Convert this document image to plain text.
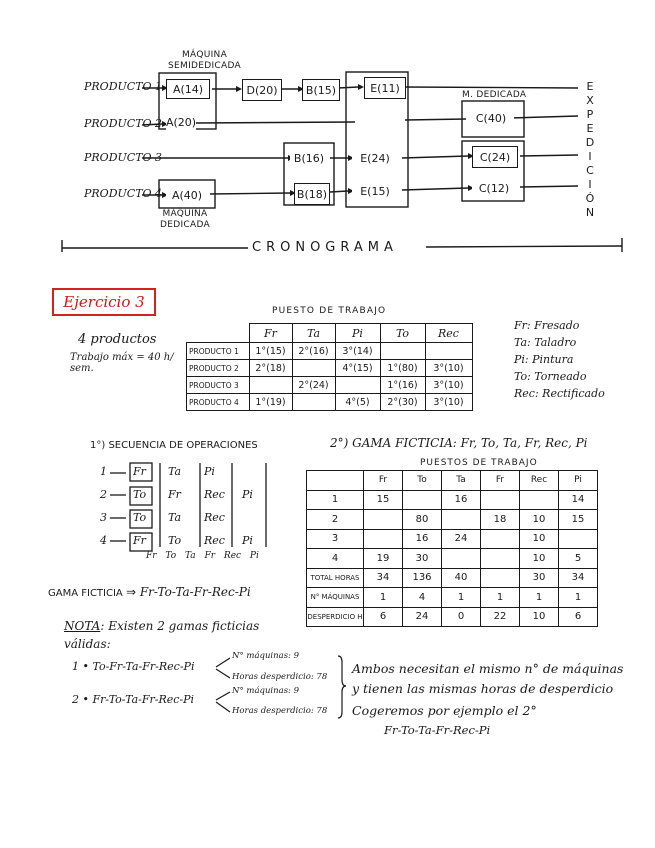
MÁQUINA
SEMIDEDICADA
MÁQUINA
DEDICADA
M. DEDICADA
PRODUCTO 1
PRODUCTO 2
PRODUCTO 3
PRODUCTO 4
A(14)
A(20)
A(40)
D(20)	B(15)	E(11)
B(16)
B(18)
E(24)
E(15)
C(40)
C(24)
C(12)
E
X
P
E
D
I
C
I
Ó
N
CRONOGRAMA
Ejercicio 3
4 productos
Trabajo máx = 40 h/ sem.
PUESTO DE TRABAJO
	Fr	Ta	Pi	To	Rec
PRODUCTO 1	1°(15)	2°(16)	3°(14)		
PRODUCTO 2	2°(18)		4°(15)	1°(80)	3°(10)
PRODUCTO 3		2°(24)		1°(16)	3°(10)
PRODUCTO 4	1°(19)		4°(5)	2°(30)	3°(10)
Fr: Fresado
Ta: Taladro
Pi: Pintura
To: Torneado
Rec: Rectificado
1°) SECUENCIA DE OPERACIONES
1 Fr Ta Pi
2 To Fr Rec Pi
3 To Ta Rec
4 Fr To Rec Pi
Fr To Ta Fr Rec Pi
GAMA FICTICIA ⇒ Fr-To-Ta-Fr-Rec-Pi
2°) GAMA FICTICIA: Fr, To, Ta, Fr, Rec, Pi
PUESTOS DE TRABAJO
	Fr	To	Ta	Fr	Rec	Pi
1	15		16			14
2		80		18	10	15
3		16	24		10	
4	19	30			10	5
TOTAL HORAS	34	136	40		30	34
N° MÁQUINAS	1	4	1	1	1	1
DESPERDICIO H	6	24	0	22	10	6
NOTA: Existen 2 gamas ficticias válidas:
1 • To-Fr-Ta-Fr-Rec-Pi
2 • Fr-To-Ta-Fr-Rec-Pi
N° máquinas: 9
Horas desperdicio: 78
N° máquinas: 9
Horas desperdicio: 78
Ambos necesitan el mismo n° de máquinas
y tienen las mismas horas de desperdicio
Cogeremos por ejemplo el 2°
Fr-To-Ta-Fr-Rec-Pi
